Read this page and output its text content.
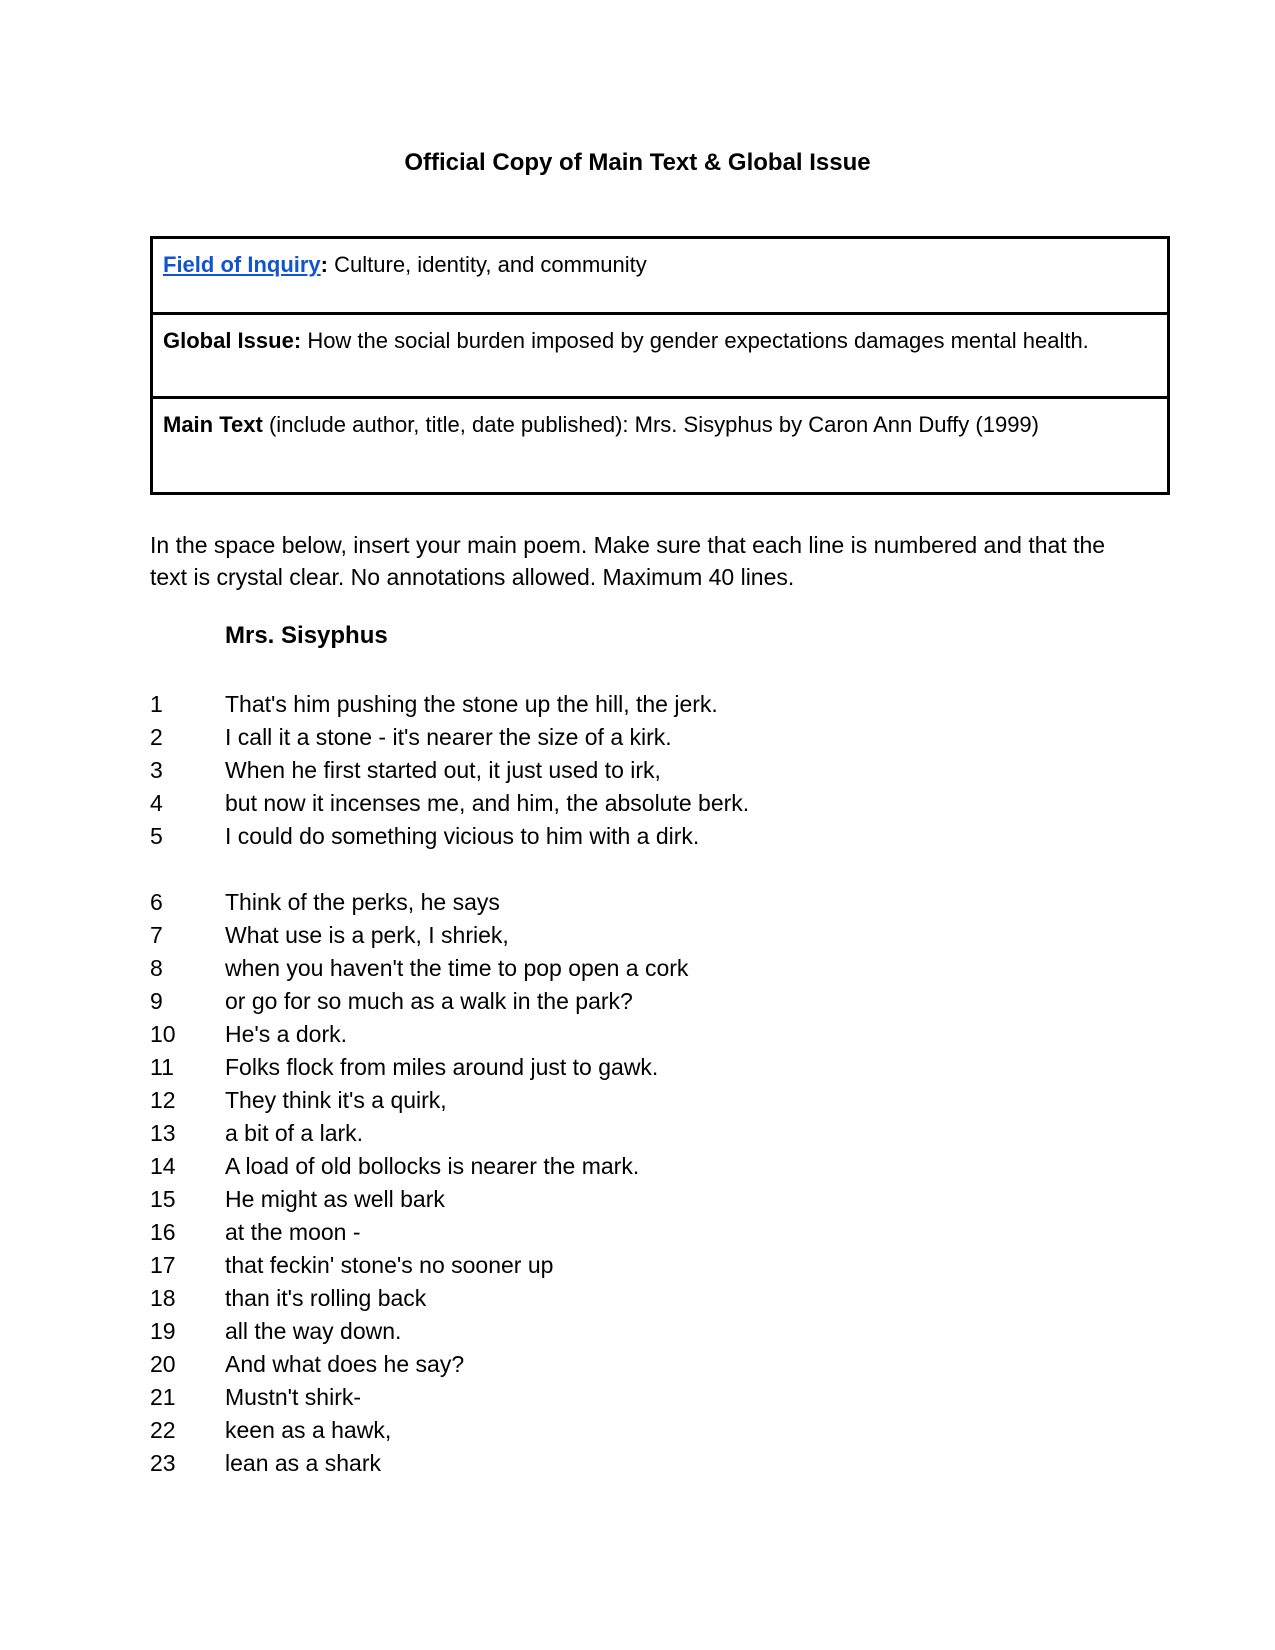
Official Copy of Main Text & Global Issue
Field of Inquiry: Culture, identity, and community
Global Issue: How the social burden imposed by gender expectations damages mental health.
Main Text (include author, title, date published): Mrs. Sisyphus by Caron Ann Duffy (1999)
In the space below, insert your main poem. Make sure that each line is numbered and that the
text is crystal clear. No annotations allowed. Maximum 40 lines.
Mrs. Sisyphus
1	That's him pushing the stone up the hill, the jerk.
2	I call it a stone - it's nearer the size of a kirk.
3	When he first started out, it just used to irk,
4	but now it incenses me, and him, the absolute berk.
5	I could do something vicious to him with a dirk.
6	Think of the perks, he says
7	What use is a perk, I shriek,
8	when you haven't the time to pop open a cork
9	or go for so much as a walk in the park?
10	He's a dork.
11	Folks flock from miles around just to gawk.
12	They think it's a quirk,
13	a bit of a lark.
14	A load of old bollocks is nearer the mark.
15	He might as well bark
16	at the moon -
17	that feckin' stone's no sooner up
18	than it's rolling back
19	all the way down.
20	And what does he say?
21	Mustn't shirk-
22	keen as a hawk,
23	lean as a shark
